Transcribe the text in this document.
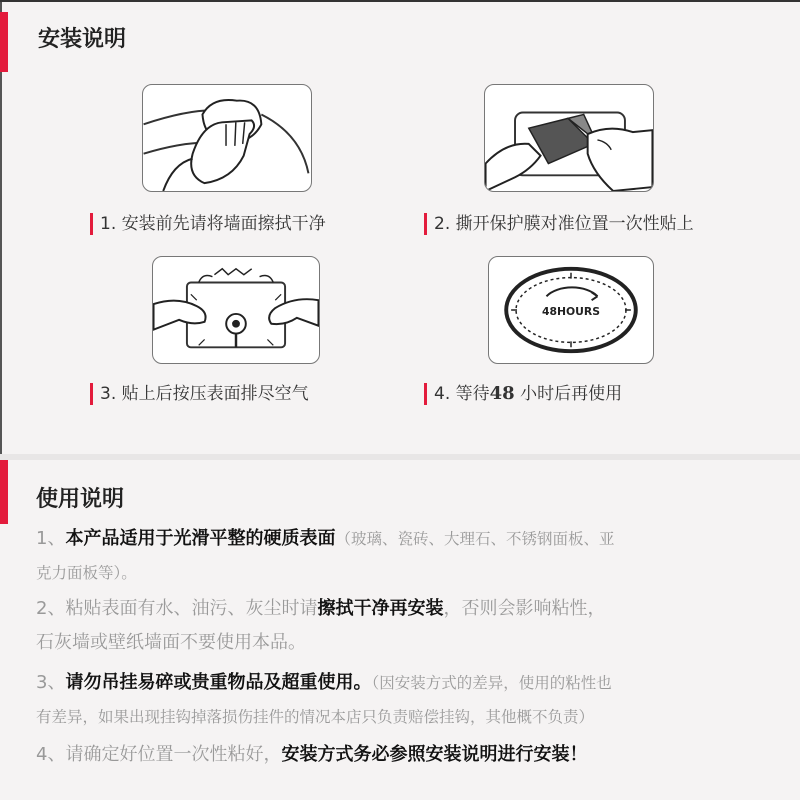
安装说明
1. 安装前先请将墙面擦拭干净	2. 撕开保护膜对准位置一次性贴上
48HOURS
3. 贴上后按压表面排尽空气	4. 等待48 小时后再使用
使用说明
1、本产品适用于光滑平整的硬质表面（玻璃、瓷砖、大理石、不锈钢面板、亚
克力面板等）。
2、粘贴表面有水、油污、灰尘时请擦拭干净再安装，否则会影响粘性，
石灰墙或壁纸墙面不要使用本品。
3、请勿吊挂易碎或贵重物品及超重使用。（因安装方式的差异，使用的粘性也
有差异，如果出现挂钩掉落损伤挂件的情况本店只负责赔偿挂钩，其他概不负责）
4、请确定好位置一次性粘好，安装方式务必参照安装说明进行安装！
